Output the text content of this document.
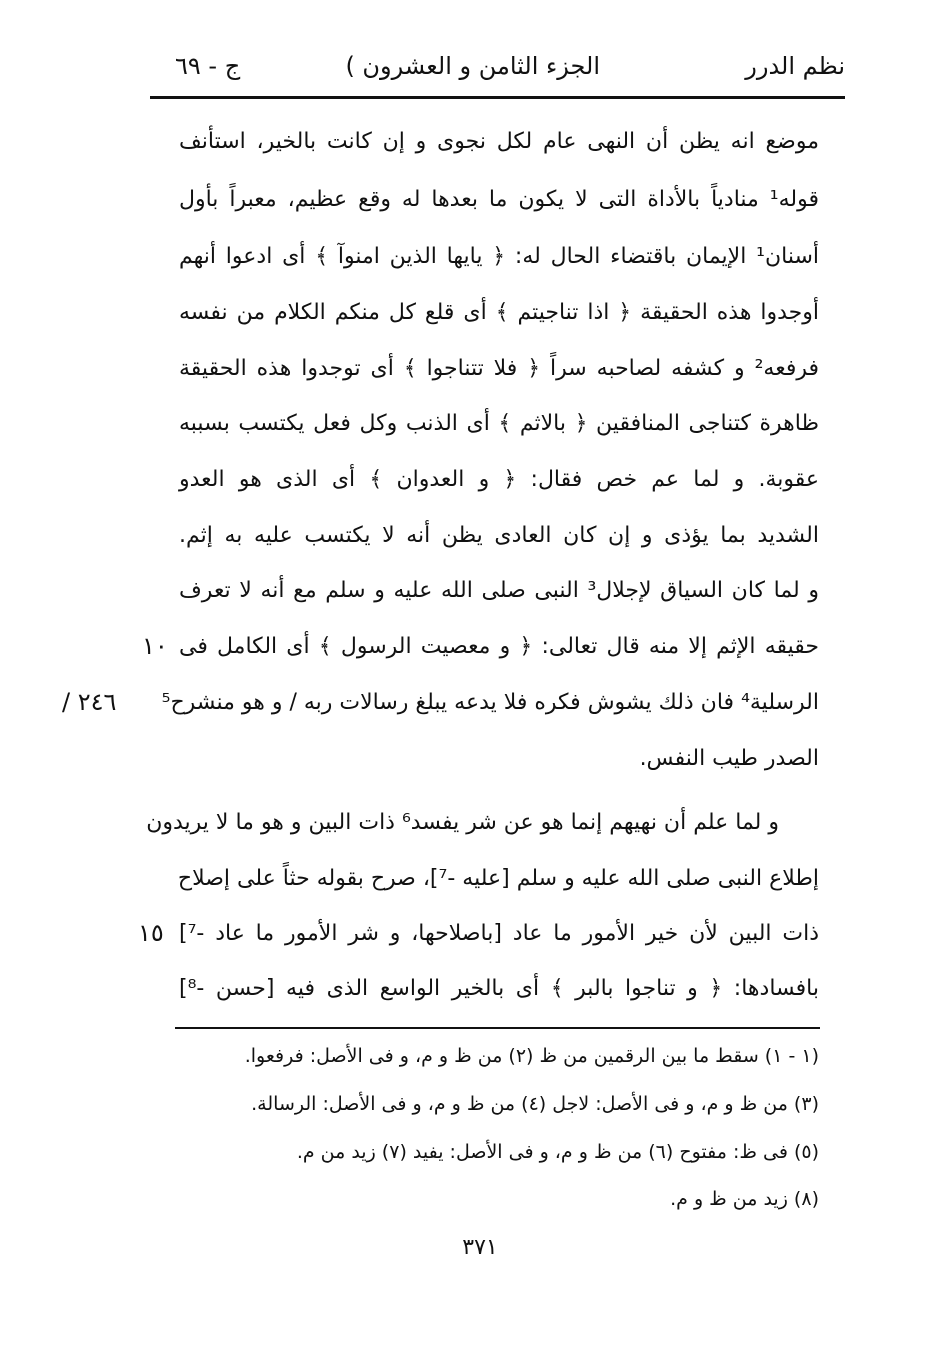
نظم الدرر
الجزء الثامن و العشرون )
ج - ٦٩
موضع انه يظن أن النهى عام لكل نجوى و إن كانت بالخير، استأنف
قوله¹ منادياً بالأداة التى لا يكون ما بعدها له وقع عظيم، معبراً بأول
أسنان¹ الإيمان باقتضاء الحال له: ﴿ يايها الذين امنوآ ﴾ أى ادعوا أنهم
أوجدوا هذه الحقيقة ﴿ اذا تناجيتم ﴾ أى قلع كل منكم الكلام من نفسه
فرفعه² و كشفه لصاحبه سراً ﴿ فلا تتناجوا ﴾ أى توجدوا هذه الحقيقة
ظاهرة كتناجى المنافقين ﴿ بالاثم ﴾ أى الذنب وكل فعل يكتسب بسببه
عقوبة. و لما عم خص فقال: ﴿ و العدوان ﴾ أى الذى هو العدو
الشديد بما يؤذى و إن كان العادى يظن أنه لا يكتسب عليه به إثم.
و لما كان السياق لإجلال³ النبى صلى الله عليه و سلم مع أنه لا تعرف
حقيقه الإثم إلا منه قال تعالى: ﴿ و معصيت الرسول ﴾ أى الكامل فى
الرسلية⁴ فان ذلك يشوش فكره فلا يدعه يبلغ رسالات ربه / و هو منشرح⁵
الصدر طيب النفس.
و لما علم أن نهيهم إنما هو عن شر يفسد⁶ ذات البين و هو ما لا يريدون
إطلاع النبى صلى الله عليه و سلم [عليه -⁷]، صرح بقوله حثاً على إصلاح
ذات البين لأن خير الأمور ما عاد [باصلاحها، و شر الأمور ما عاد -⁷]
بافسادها: ﴿ و تناجوا بالبر ﴾ أى بالخير الواسع الذى فيه [حسن -⁸]
١٠
/ ٢٤٦
١٥
(١ - ١) سقط ما بين الرقمين من ظ (٢) من ظ و م، و فى الأصل: فرفعوا.
(٣) من ظ و م، و فى الأصل: لاجل (٤) من ظ و م، و فى الأصل: الرسالة.
(٥) فى ظ: مفتوح (٦) من ظ و م، و فى الأصل: يفيد (٧) زيد من م.
(٨) زيد من ظ و م.
٣٧١
